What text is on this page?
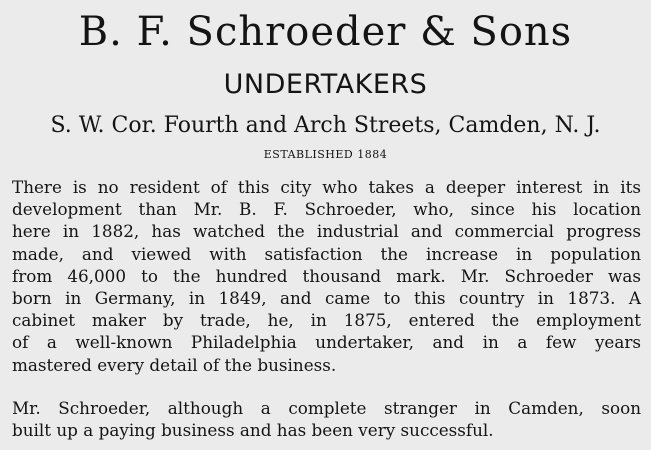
B. F. Schroeder & Sons
UNDERTAKERS
S. W. Cor. Fourth and Arch Streets, Camden, N. J.
ESTABLISHED 1884
There is no resident of this city who takes a deeper interest in its
development than Mr. B. F. Schroeder, who, since his location
here in 1882, has watched the industrial and commercial progress
made, and viewed with satisfaction the increase in population
from 46,000 to the hundred thousand mark. Mr. Schroeder was
born in Germany, in 1849, and came to this country in 1873. A
cabinet maker by trade, he, in 1875, entered the employment
of a well-known Philadelphia undertaker, and in a few years
mastered every detail of the business.
Mr. Schroeder, although a complete stranger in Camden, soon
built up a paying business and has been very successful.
